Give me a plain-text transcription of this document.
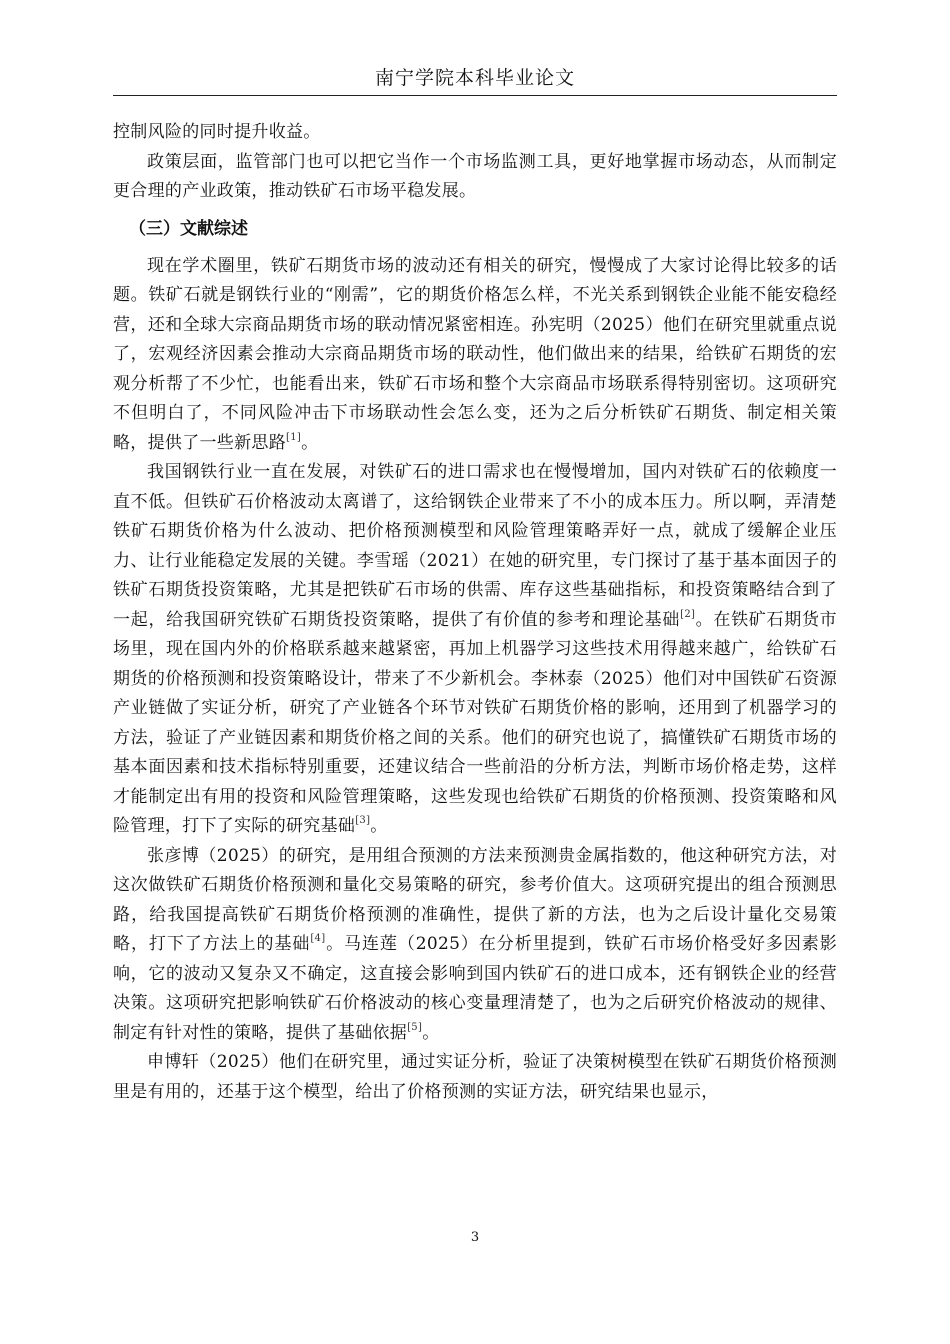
南宁学院本科毕业论文

控制风险的同时提升收益。

政策层面，监管部门也可以把它当作一个市场监测工具，更好地掌握市场动态，从而制定更合理的产业政策，推动铁矿石市场平稳发展。

（三）文献综述

现在学术圈里，铁矿石期货市场的波动还有相关的研究，慢慢成了大家讨论得比较多的话题。铁矿石就是钢铁行业的“刚需”，它的期货价格怎么样，不光关系到钢铁企业能不能安稳经营，还和全球大宗商品期货市场的联动情况紧密相连。孙宪明（2025）他们在研究里就重点说了，宏观经济因素会推动大宗商品期货市场的联动性，他们做出来的结果，给铁矿石期货的宏观分析帮了不少忙，也能看出来，铁矿石市场和整个大宗商品市场联系得特别密切。这项研究不但明白了，不同风险冲击下市场联动性会怎么变，还为之后分析铁矿石期货、制定相关策略，提供了一些新思路[1]。

我国钢铁行业一直在发展，对铁矿石的进口需求也在慢慢增加，国内对铁矿石的依赖度一直不低。但铁矿石价格波动太离谱了，这给钢铁企业带来了不小的成本压力。所以啊，弄清楚铁矿石期货价格为什么波动、把价格预测模型和风险管理策略弄好一点，就成了缓解企业压力、让行业能稳定发展的关键。李雪瑶（2021）在她的研究里，专门探讨了基于基本面因子的铁矿石期货投资策略，尤其是把铁矿石市场的供需、库存这些基础指标，和投资策略结合到了一起，给我国研究铁矿石期货投资策略，提供了有价值的参考和理论基础[2]。在铁矿石期货市场里，现在国内外的价格联系越来越紧密，再加上机器学习这些技术用得越来越广，给铁矿石期货的价格预测和投资策略设计，带来了不少新机会。李林泰（2025）他们对中国铁矿石资源产业链做了实证分析，研究了产业链各个环节对铁矿石期货价格的影响，还用到了机器学习的方法，验证了产业链因素和期货价格之间的关系。他们的研究也说了，搞懂铁矿石期货市场的基本面因素和技术指标特别重要，还建议结合一些前沿的分析方法，判断市场价格走势，这样才能制定出有用的投资和风险管理策略，这些发现也给铁矿石期货的价格预测、投资策略和风险管理，打下了实际的研究基础[3]。

张彦博（2025）的研究，是用组合预测的方法来预测贵金属指数的，他这种研究方法，对这次做铁矿石期货价格预测和量化交易策略的研究，参考价值大。这项研究提出的组合预测思路，给我国提高铁矿石期货价格预测的准确性，提供了新的方法，也为之后设计量化交易策略，打下了方法上的基础[4]。马连莲（2025）在分析里提到，铁矿石市场价格受好多因素影响，它的波动又复杂又不确定，这直接会影响到国内铁矿石的进口成本，还有钢铁企业的经营决策。这项研究把影响铁矿石价格波动的核心变量理清楚了，也为之后研究价格波动的规律、制定有针对性的策略，提供了基础依据[5]。

申博轩（2025）他们在研究里，通过实证分析，验证了决策树模型在铁矿石期货价格预测里是有用的，还基于这个模型，给出了价格预测的实证方法，研究结果也显示，

3
